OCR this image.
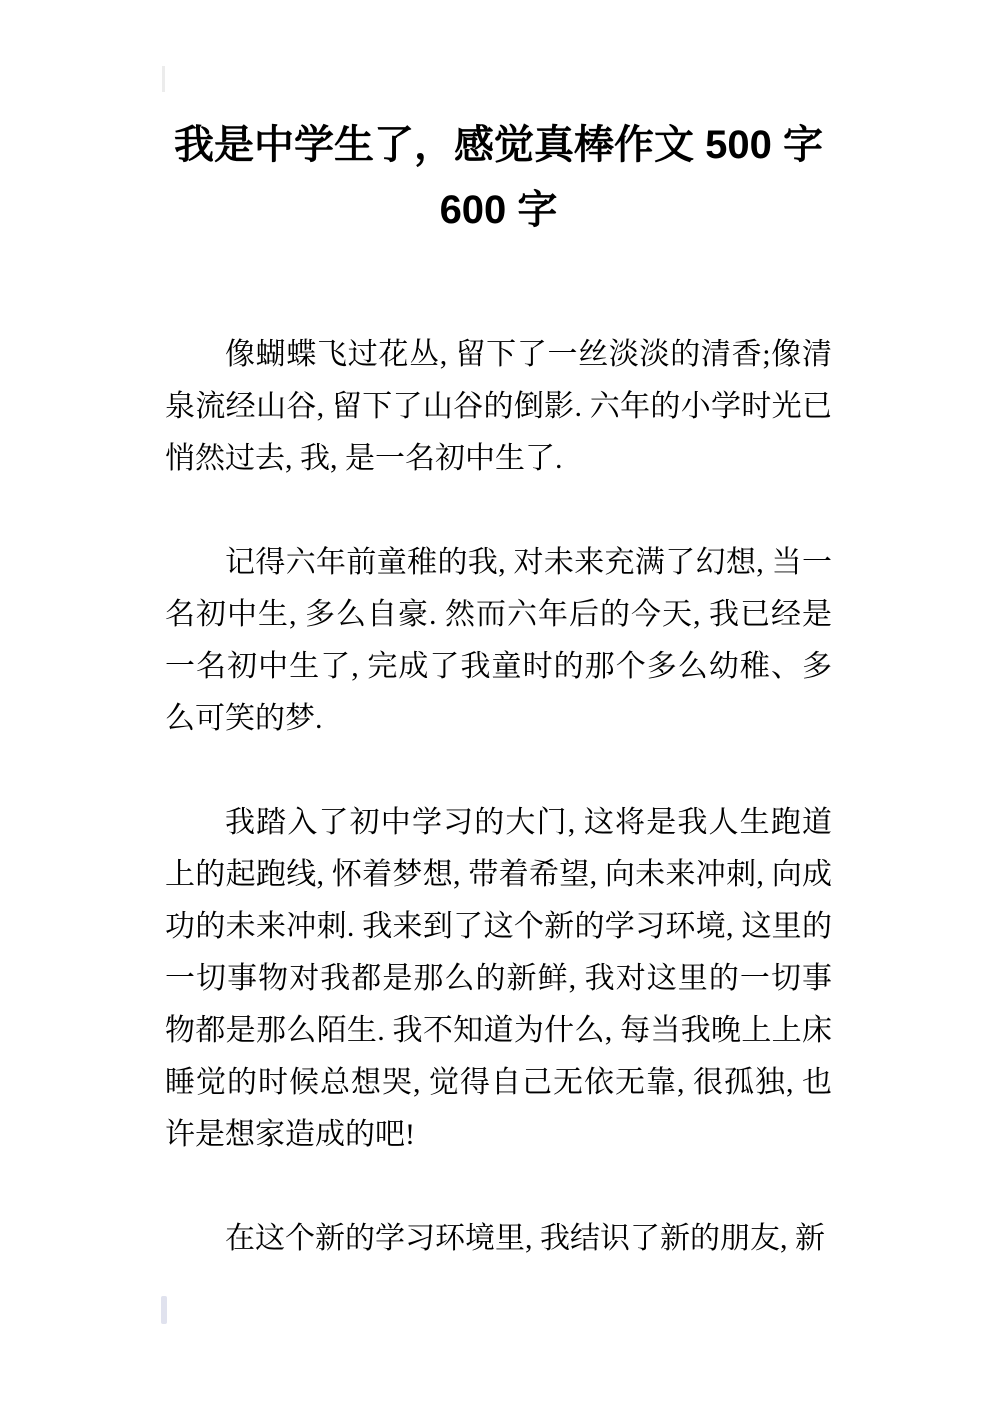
我是中学生了，感觉真棒作文 500 字 600 字

像蝴蝶飞过花丛, 留下了一丝淡淡的清香;像清泉流经山谷, 留下了山谷的倒影. 六年的小学时光已悄然过去, 我, 是一名初中生了.

记得六年前童稚的我, 对未来充满了幻想, 当一名初中生, 多么自豪. 然而六年后的今天, 我已经是一名初中生了, 完成了我童时的那个多么幼稚、多么可笑的梦.

我踏入了初中学习的大门, 这将是我人生跑道上的起跑线, 怀着梦想, 带着希望, 向未来冲刺, 向成功的未来冲刺. 我来到了这个新的学习环境, 这里的一切事物对我都是那么的新鲜, 我对这里的一切事物都是那么陌生. 我不知道为什么, 每当我晚上上床睡觉的时候总想哭, 觉得自己无依无靠, 很孤独, 也许是想家造成的吧!

在这个新的学习环境里, 我结识了新的朋友, 新
